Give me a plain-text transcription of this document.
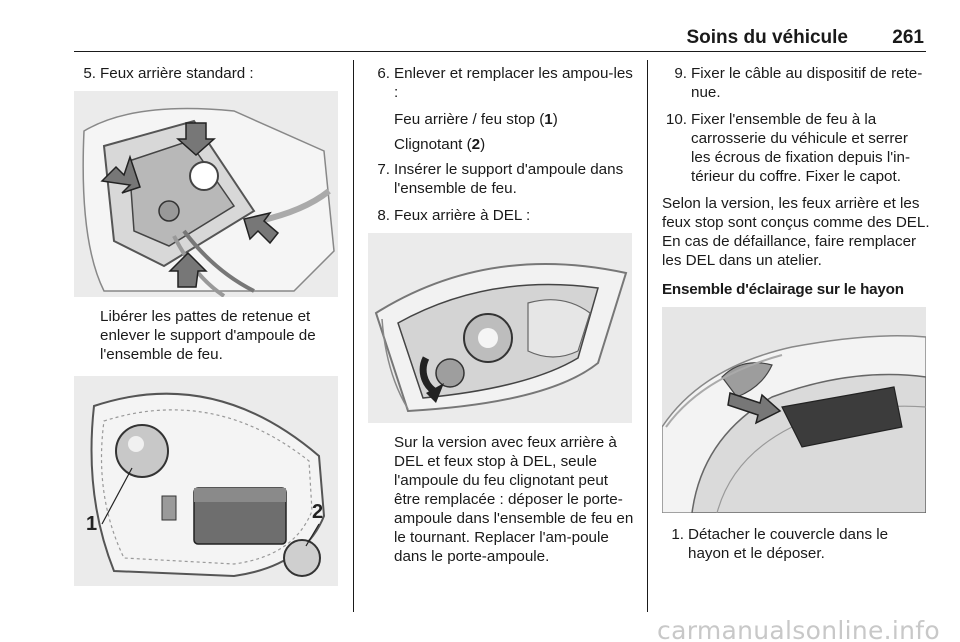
Soins du véhicule 261
5. Feux arrière standard :
Libérer les pattes de retenue et enlever le support d'ampoule de l'ensemble de feu.
1
2
6. Enlever et remplacer les ampou-les :
Feu arrière / feu stop (1)
Clignotant (2)
7. Insérer le support d'ampoule dans l'ensemble de feu.
8. Feux arrière à DEL :
Sur la version avec feux arrière à DEL et feux stop à DEL, seule l'ampoule du feu clignotant peut être remplacée : déposer le porte-ampoule dans l'ensemble de feu en le tournant. Replacer l'am-poule dans le porte-ampoule.
9. Fixer le câble au dispositif de rete-nue.
10. Fixer l'ensemble de feu à la carrosserie du véhicule et serrer les écrous de fixation depuis l'in-térieur du coffre. Fixer le capot.
Selon la version, les feux arrière et les feux stop sont conçus comme des DEL. En cas de défaillance, faire remplacer les DEL dans un atelier.
Ensemble d'éclairage sur le hayon
1. Détacher le couvercle dans le hayon et le déposer.
carmanualsonline.info
